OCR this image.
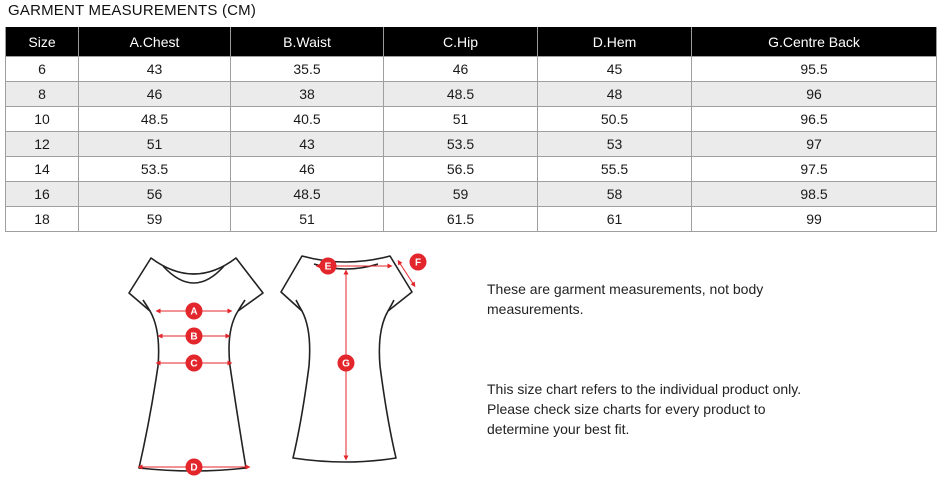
GARMENT MEASUREMENTS (CM)
Size	A.Chest	B.Waist	C.Hip	D.Hem	G.Centre Back
6	43	35.5	46	45	95.5
8	46	38	48.5	48	96
10	48.5	40.5	51	50.5	96.5
12	51	43	53.5	53	97
14	53.5	46	56.5	55.5	97.5
16	56	48.5	59	58	98.5
18	59	51	61.5	61	99
A
B
C
D
E	F
G
These are garment measurements, not body measurements.
This size chart refers to the individual product only. Please check size charts for every product to determine your best fit.
